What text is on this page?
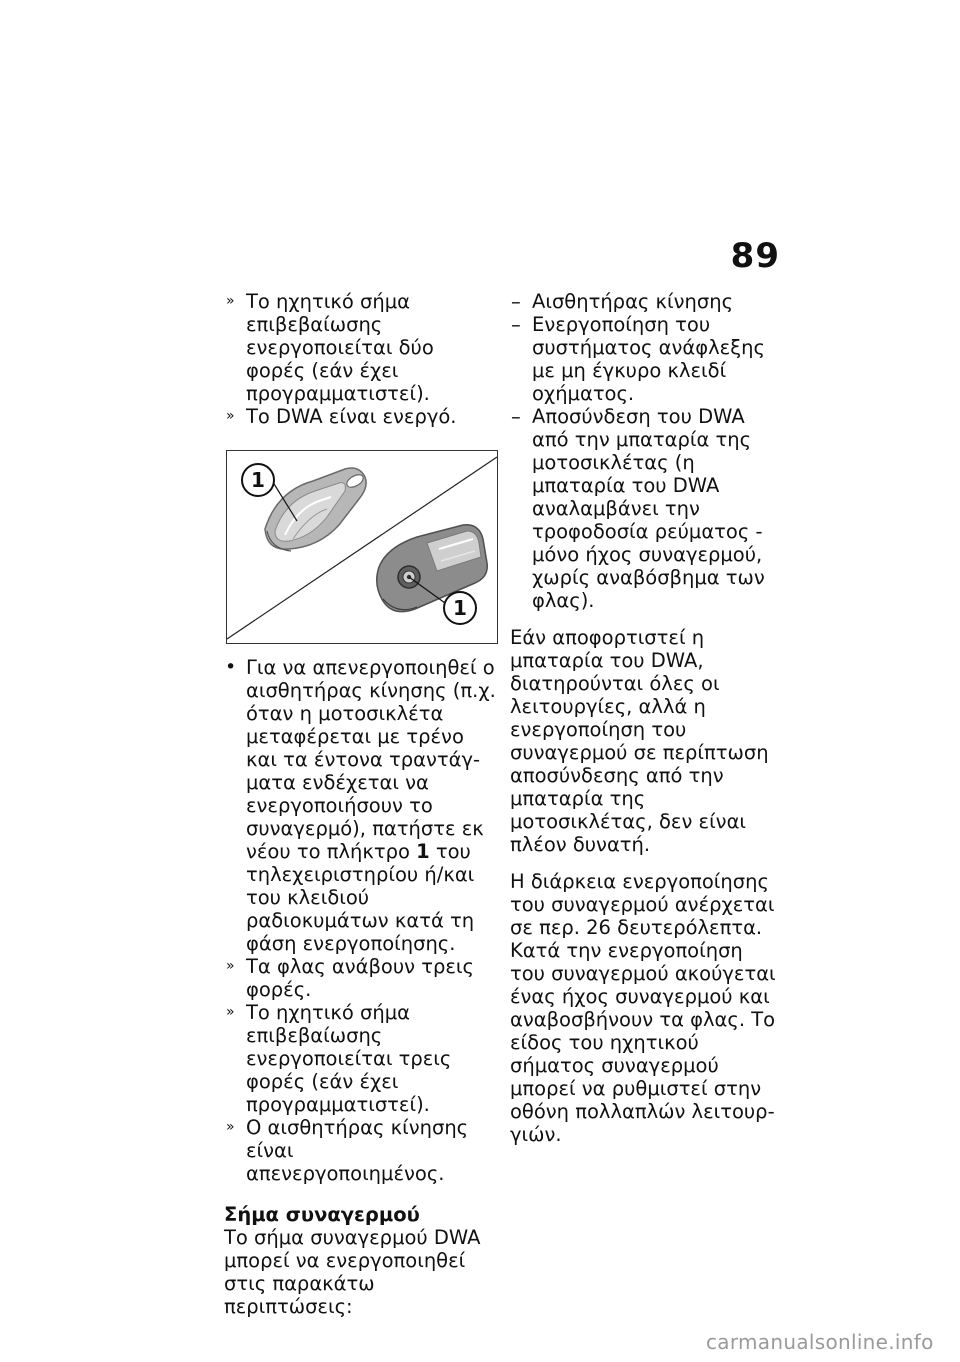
89

» Το ηχητικό σήμα επιβεβαίωσης ενεργοποιείται δύο φορές (εάν έχει προγραμματιστεί).

» Το DWA είναι ενεργό.

1
1

• Για να απενεργοποιηθεί ο αισθητήρας κίνησης (π.χ. όταν η μοτοσικλέτα μεταφέρεται με τρένο και τα έντονα τραντάγματα ενδέχεται να ενεργοποιήσουν το συναγερμό), πατήστε εκ νέου το πλήκτρο 1 του τηλεχειριστηρίου ή/και του κλειδιού ραδιοκυμάτων κατά τη φάση ενεργοποίησης.

» Τα φλας ανάβουν τρεις φορές.

» Το ηχητικό σήμα επιβεβαίωσης ενεργοποιείται τρεις φορές (εάν έχει προγραμματιστεί).

» Ο αισθητήρας κίνησης είναι απενεργοποιημένος.

Σήμα συναγερμού

Το σήμα συναγερμού DWA μπορεί να ενεργοποιηθεί στις παρακάτω περιπτώσεις:

– Αισθητήρας κίνησης

– Ενεργοποίηση του συστήματος ανάφλεξης με μη έγκυρο κλειδί οχήματος.

– Αποσύνδεση του DWA από την μπαταρία της μοτοσικλέτας (η μπαταρία του DWA αναλαμβάνει την τροφοδοσία ρεύματος - μόνο ήχος συναγερμού, χωρίς αναβόσβημα των φλας).

Εάν αποφορτιστεί η μπαταρία του DWA, διατηρούνται όλες οι λειτουργίες, αλλά η ενεργοποίηση του συναγερμού σε περίπτωση αποσύνδεσης από την μπαταρία της μοτοσικλέτας, δεν είναι πλέον δυνατή.

Η διάρκεια ενεργοποίησης του συναγερμού ανέρχεται σε περ. 26 δευτερόλεπτα. Κατά την ενεργοποίηση του συναγερμού ακούγεται ένας ήχος συναγερμού και αναβοσβήνουν τα φλας. Το είδος του ηχητικού σήματος συναγερμού μπορεί να ρυθμιστεί στην οθόνη πολλαπλών λειτουργιών.

carmanualsonline.info
